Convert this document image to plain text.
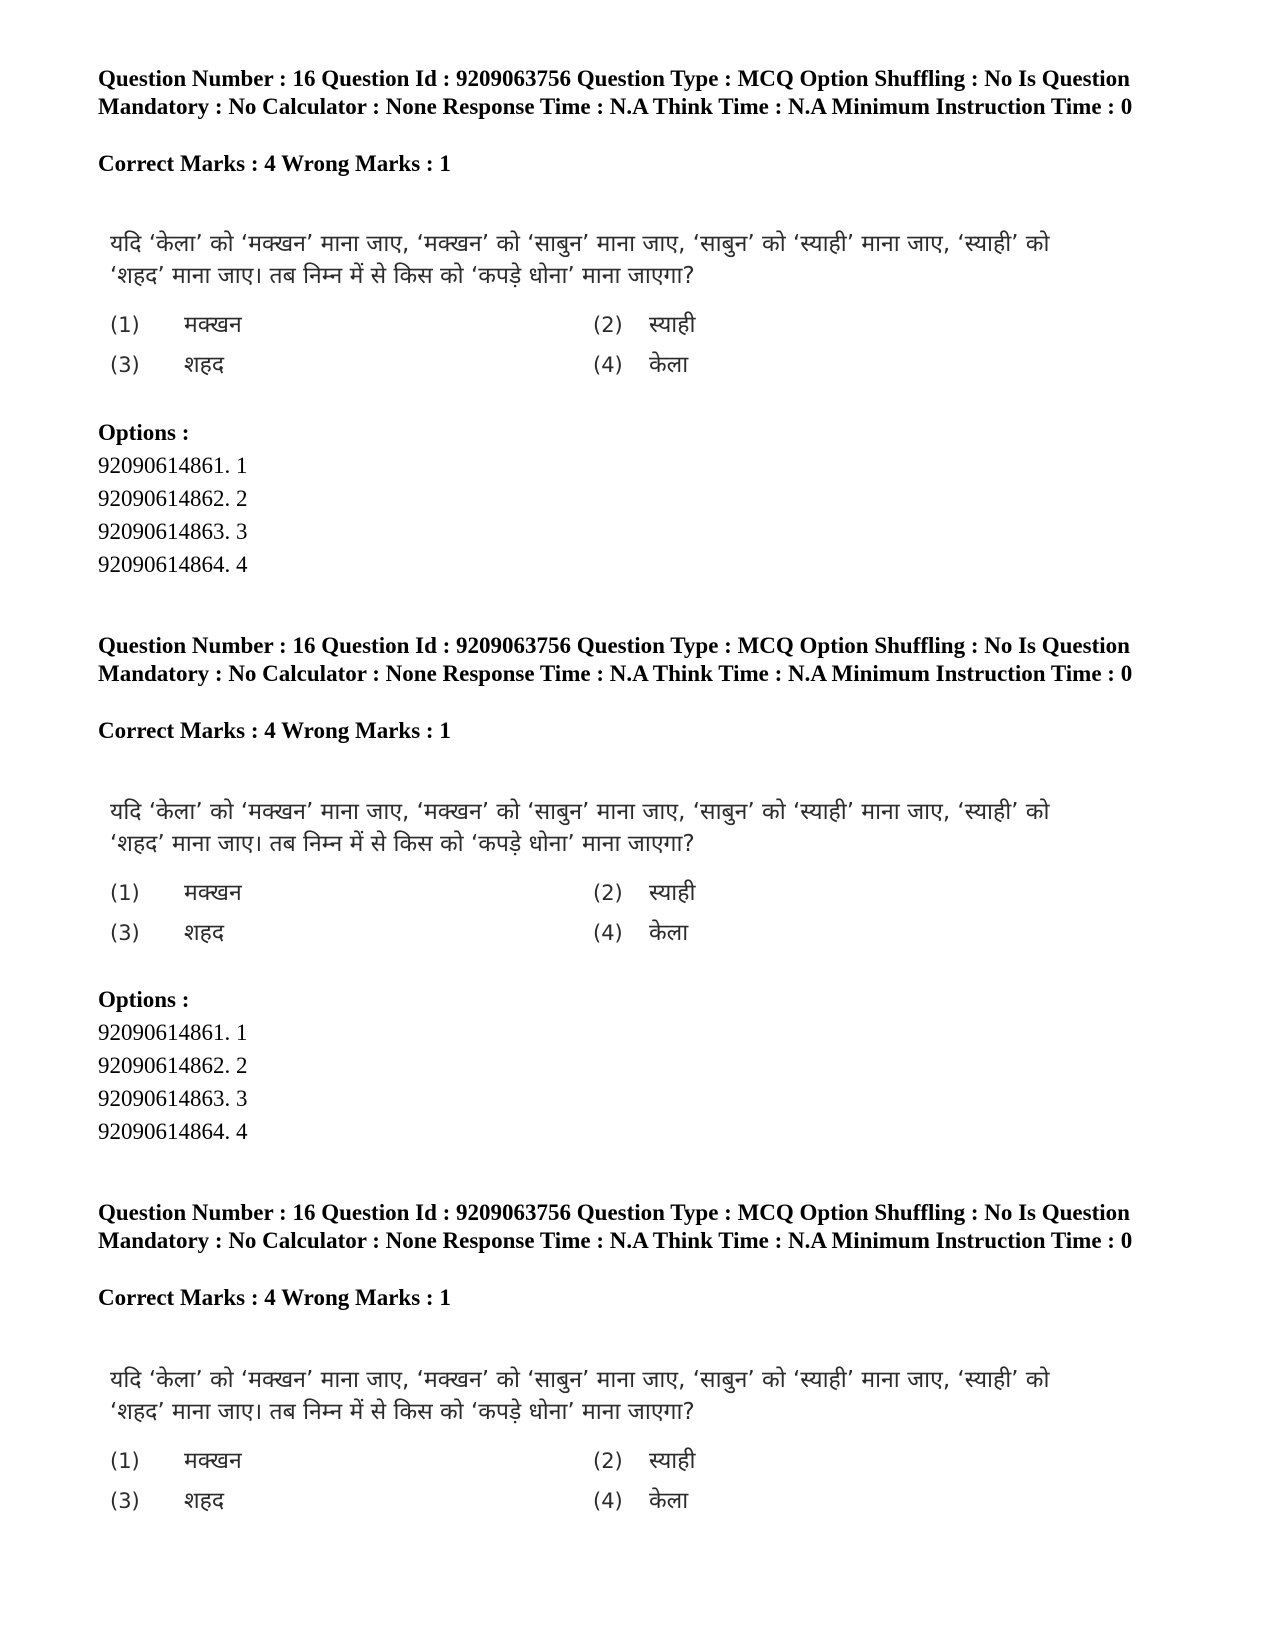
Question Number : 16 Question Id : 9209063756 Question Type : MCQ Option Shuffling : No Is Question Mandatory : No Calculator : None Response Time : N.A Think Time : N.A Minimum Instruction Time : 0

Correct Marks : 4 Wrong Marks : 1

यदि ‘केला’ को ‘मक्खन’ माना जाए, ‘मक्खन’ को ‘साबुन’ माना जाए, ‘साबुन’ को ‘स्याही’ माना जाए, ‘स्याही’ को ‘शहद’ माना जाए। तब निम्न में से किस को ‘कपड़े धोना’ माना जाएगा?

(1) मक्खन	(2) स्याही
(3) शहद	(4) केला
Options :
92090614861. 1
92090614862. 2
92090614863. 3
92090614864. 4

Question Number : 16 Question Id : 9209063756 Question Type : MCQ Option Shuffling : No Is Question Mandatory : No Calculator : None Response Time : N.A Think Time : N.A Minimum Instruction Time : 0

Correct Marks : 4 Wrong Marks : 1

यदि ‘केला’ को ‘मक्खन’ माना जाए, ‘मक्खन’ को ‘साबुन’ माना जाए, ‘साबुन’ को ‘स्याही’ माना जाए, ‘स्याही’ को ‘शहद’ माना जाए। तब निम्न में से किस को ‘कपड़े धोना’ माना जाएगा?

(1) मक्खन	(2) स्याही
(3) शहद	(4) केला
Options :
92090614861. 1
92090614862. 2
92090614863. 3
92090614864. 4

Question Number : 16 Question Id : 9209063756 Question Type : MCQ Option Shuffling : No Is Question Mandatory : No Calculator : None Response Time : N.A Think Time : N.A Minimum Instruction Time : 0

Correct Marks : 4 Wrong Marks : 1

यदि ‘केला’ को ‘मक्खन’ माना जाए, ‘मक्खन’ को ‘साबुन’ माना जाए, ‘साबुन’ को ‘स्याही’ माना जाए, ‘स्याही’ को ‘शहद’ माना जाए। तब निम्न में से किस को ‘कपड़े धोना’ माना जाएगा?

(1) मक्खन	(2) स्याही
(3) शहद	(4) केला
